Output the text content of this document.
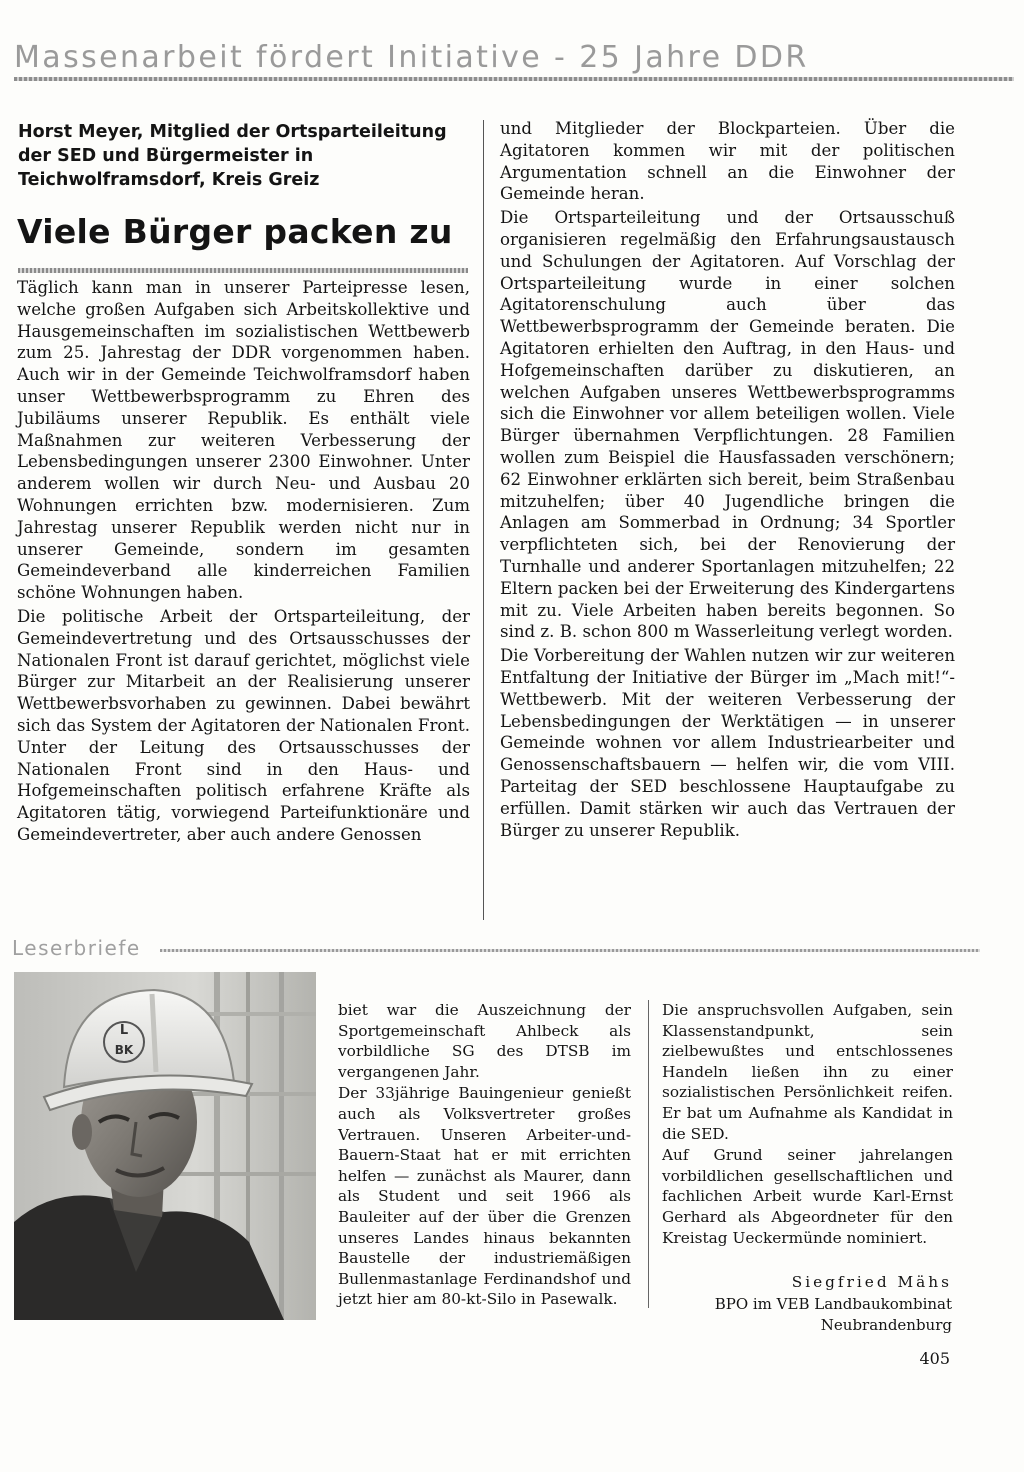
Massenarbeit fördert Initiative - 25 Jahre DDR
Horst Meyer, Mitglied der Ortsparteileitung der SED und Bürgermeister in Teichwolframsdorf, Kreis Greiz
Viele Bürger packen zu

Täglich kann man in unserer Parteipresse lesen, welche großen Aufgaben sich Arbeitskollektive und Hausgemeinschaften im sozialistischen Wettbewerb zum 25. Jahrestag der DDR vorgenommen haben. Auch wir in der Gemeinde Teichwolframsdorf haben unser Wettbewerbsprogramm zu Ehren des Jubiläums unserer Republik. Es enthält viele Maßnahmen zur weiteren Verbesserung der Lebensbedingungen unserer 2300 Einwohner. Unter anderem wollen wir durch Neu- und Ausbau 20 Wohnungen errichten bzw. modernisieren. Zum Jahrestag unserer Republik werden nicht nur in unserer Gemeinde, sondern im gesamten Gemeindeverband alle kinderreichen Familien schöne Wohnungen haben.

Die politische Arbeit der Ortsparteileitung, der Gemeindevertretung und des Ortsausschusses der Nationalen Front ist darauf gerichtet, möglichst viele Bürger zur Mitarbeit an der Realisierung unserer Wettbewerbsvorhaben zu gewinnen. Dabei bewährt sich das System der Agitatoren der Nationalen Front. Unter der Leitung des Ortsausschusses der Nationalen Front sind in den Haus- und Hofgemeinschaften politisch erfahrene Kräfte als Agitatoren tätig, vorwiegend Parteifunktionäre und Gemeindevertreter, aber auch andere Genossen

und Mitglieder der Blockparteien. Über die Agitatoren kommen wir mit der politischen Argumentation schnell an die Einwohner der Gemeinde heran.

Die Ortsparteileitung und der Ortsausschuß organisieren regelmäßig den Erfahrungsaustausch und Schulungen der Agitatoren. Auf Vorschlag der Ortsparteileitung wurde in einer solchen Agitatorenschulung auch über das Wettbewerbsprogramm der Gemeinde beraten. Die Agitatoren erhielten den Auftrag, in den Haus- und Hofgemeinschaften darüber zu diskutieren, an welchen Aufgaben unseres Wettbewerbsprogramms sich die Einwohner vor allem beteiligen wollen. Viele Bürger übernahmen Verpflichtungen. 28 Familien wollen zum Beispiel die Hausfassaden verschönern; 62 Einwohner erklärten sich bereit, beim Straßenbau mitzuhelfen; über 40 Jugendliche bringen die Anlagen am Sommerbad in Ordnung; 34 Sportler verpflichteten sich, bei der Renovierung der Turnhalle und anderer Sportanlagen mitzuhelfen; 22 Eltern packen bei der Erweiterung des Kindergartens mit zu. Viele Arbeiten haben bereits begonnen. So sind z. B. schon 800 m Wasserleitung verlegt worden.

Die Vorbereitung der Wahlen nutzen wir zur weiteren Entfaltung der Initiative der Bürger im „Mach mit!“-Wettbewerb. Mit der weiteren Verbesserung der Lebensbedingungen der Werktätigen — in unserer Gemeinde wohnen vor allem Industriearbeiter und Genossenschaftsbauern — helfen wir, die vom VIII. Parteitag der SED beschlossene Hauptaufgabe zu erfüllen. Damit stärken wir auch das Vertrauen der Bürger zu unserer Republik.

Leserbriefe
L
BK

biet war die Auszeichnung der Sportgemeinschaft Ahlbeck als vorbildliche SG des DTSB im vergangenen Jahr.

Der 33jährige Bauingenieur genießt auch als Volksvertreter großes Vertrauen. Unseren Arbeiter-und-Bauern-Staat hat er mit errichten helfen — zunächst als Maurer, dann als Student und seit 1966 als Bauleiter auf der über die Grenzen unseres Landes hinaus bekannten Baustelle der industriemäßigen Bullenmastanlage Ferdinandshof und jetzt hier am 80-kt-Silo in Pasewalk.

Die anspruchsvollen Aufgaben, sein Klassenstandpunkt, sein zielbewußtes und entschlossenes Handeln ließen ihn zu einer sozialistischen Persönlichkeit reifen. Er bat um Aufnahme als Kandidat in die SED.

Auf Grund seiner jahrelangen vorbildlichen gesellschaftlichen und fachlichen Arbeit wurde Karl-Ernst Gerhard als Abgeordneter für den Kreistag Ueckermünde nominiert.

Siegfried Mähs
BPO im VEB Landbaukombinat
Neubrandenburg
405
